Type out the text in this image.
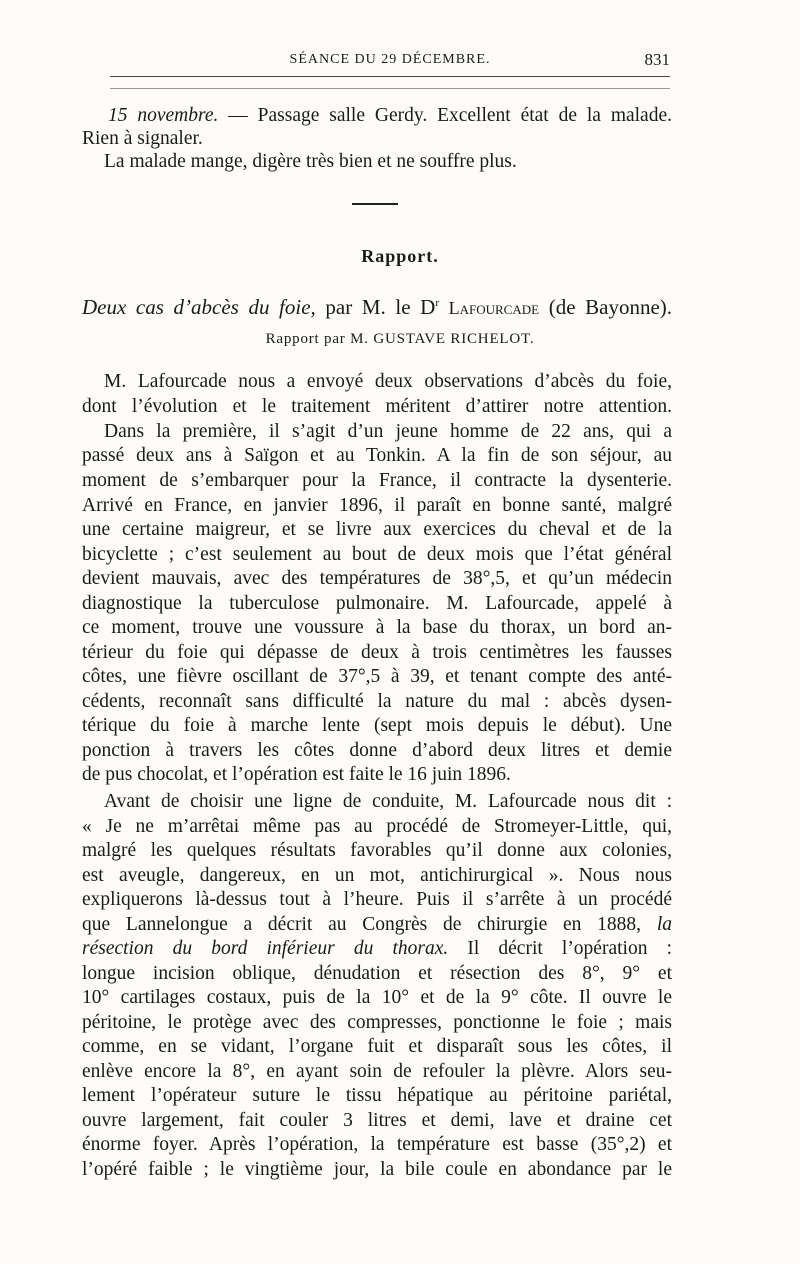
SÉANCE DU 29 DÉCEMBRE.	831
15 novembre. — Passage salle Gerdy. Excellent état de la malade.
Rien à signaler.
La malade mange, digère très bien et ne souffre plus.
Rapport.
Deux cas d’abcès du foie, par M. le $D^r$ Lafourcade (de Bayonne).
Rapport par M. GUSTAVE RICHELOT.
M. Lafourcade nous a envoyé deux observations d’abcès du foie,
dont l’évolution et le traitement méritent d’attirer notre attention.
Dans la première, il s’agit d’un jeune homme de 22 ans, qui a
passé deux ans à Saïgon et au Tonkin. A la fin de son séjour, au
moment de s’embarquer pour la France, il contracte la dysenterie.
Arrivé en France, en janvier 1896, il paraît en bonne santé, malgré
une certaine maigreur, et se livre aux exercices du cheval et de la
bicyclette ; c’est seulement au bout de deux mois que l’état général
devient mauvais, avec des températures de 38°,5, et qu’un médecin
diagnostique la tuberculose pulmonaire. M. Lafourcade, appelé à
ce moment, trouve une voussure à la base du thorax, un bord an-
térieur du foie qui dépasse de deux à trois centimètres les fausses
côtes, une fièvre oscillant de 37°,5 à 39, et tenant compte des anté-
cédents, reconnaît sans difficulté la nature du mal : abcès dysen-
térique du foie à marche lente (sept mois depuis le début). Une
ponction à travers les côtes donne d’abord deux litres et demie
de pus chocolat, et l’opération est faite le 16 juin 1896.
Avant de choisir une ligne de conduite, M. Lafourcade nous dit :
« Je ne m’arrêtai même pas au procédé de Stromeyer-Little, qui,
malgré les quelques résultats favorables qu’il donne aux colonies,
est aveugle, dangereux, en un mot, antichirurgical ». Nous nous
expliquerons là-dessus tout à l’heure. Puis il s’arrête à un procédé
que Lannelongue a décrit au Congrès de chirurgie en 1888, la
résection du bord inférieur du thorax. Il décrit l’opération :
longue incision oblique, dénudation et résection des 8°, 9° et
10° cartilages costaux, puis de la 10° et de la 9° côte. Il ouvre le
péritoine, le protège avec des compresses, ponctionne le foie ; mais
comme, en se vidant, l’organe fuit et disparaît sous les côtes, il
enlève encore la 8°, en ayant soin de refouler la plèvre. Alors seu-
lement l’opérateur suture le tissu hépatique au péritoine pariétal,
ouvre largement, fait couler 3 litres et demi, lave et draine cet
énorme foyer. Après l’opération, la température est basse (35°,2) et
l’opéré faible ; le vingtième jour, la bile coule en abondance par le
